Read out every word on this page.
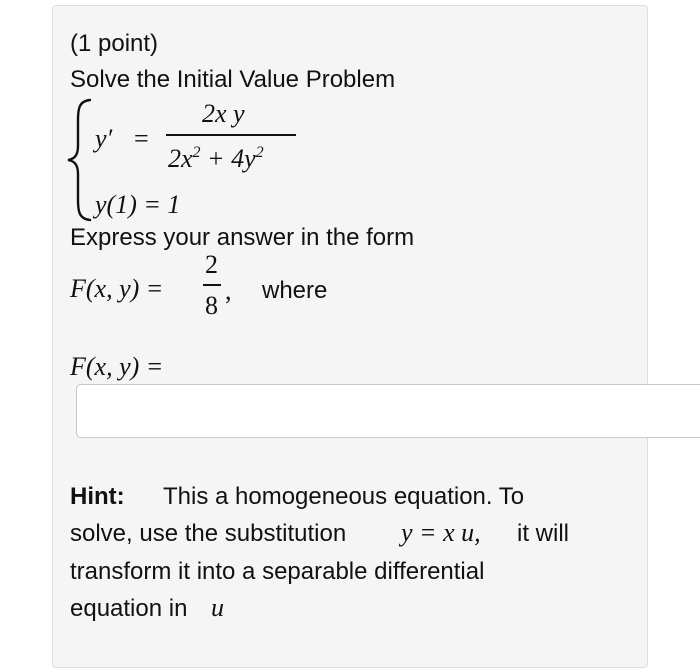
(1 point)
Solve the Initial Value Problem
y′ =
2x y
$2x^2 + 4y^2$
y(1) = 1
Express your answer in the form
F(x, y) =
2
8
, where
F(x, y) =
Hint: This a homogeneous equation. To
solve, use the substitution y = x u, it will
transform it into a separable differential
equation in u
